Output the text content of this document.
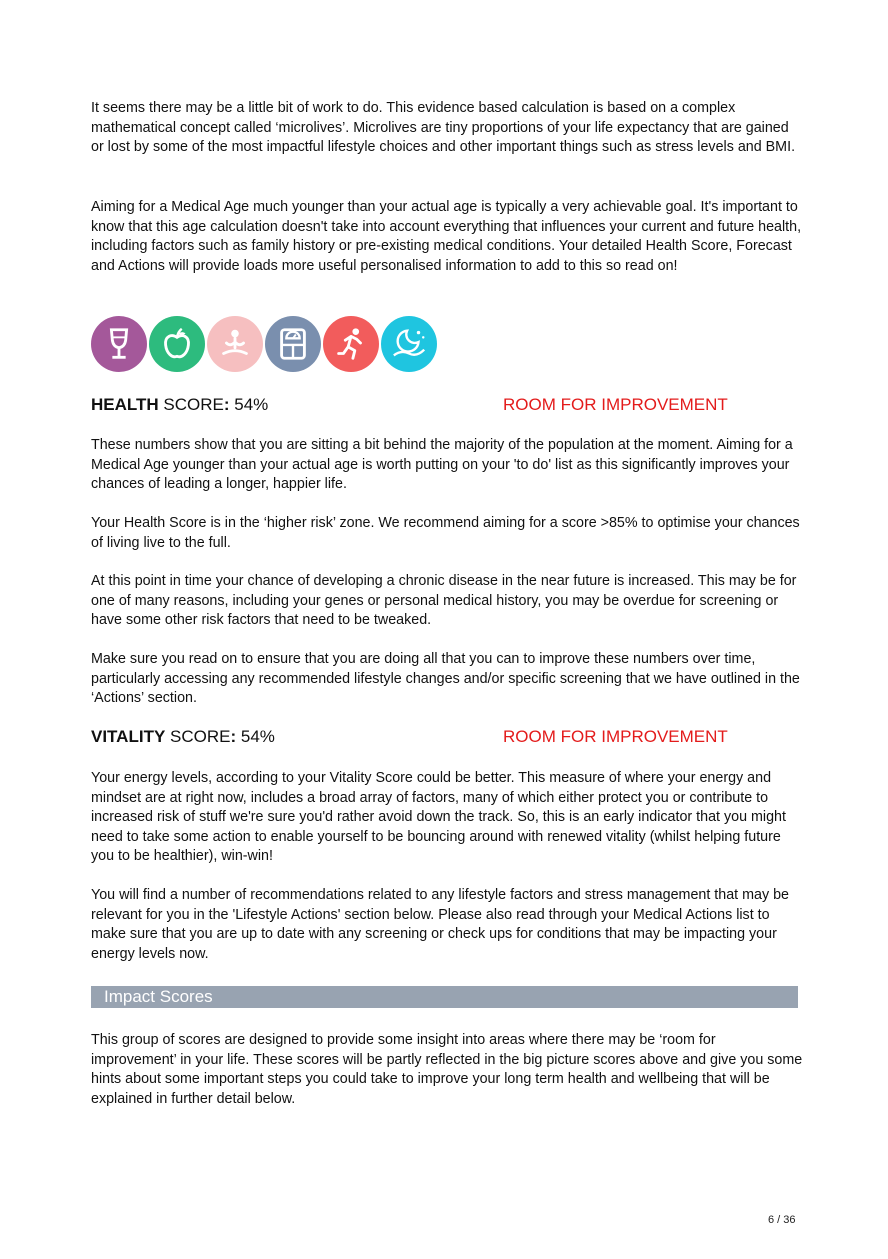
It seems there may be a little bit of work to do. This evidence based calculation is based on a complex mathematical concept called ‘microlives’. Microlives are tiny proportions of your life expectancy that are gained or lost by some of the most impactful lifestyle choices and other important things such as stress levels and BMI.

Aiming for a Medical Age much younger than your actual age is typically a very achievable goal. It's important to know that this age calculation doesn't take into account everything that influences your current and future health, including factors such as family history or pre-existing medical conditions. Your detailed Health Score, Forecast and Actions will provide loads more useful personalised information to add to this so read on!

HEALTH SCORE: 54%	ROOM FOR IMPROVEMENT

These numbers show that you are sitting a bit behind the majority of the population at the moment. Aiming for a Medical Age younger than your actual age is worth putting on your 'to do' list as this significantly improves your chances of leading a longer, happier life.

Your Health Score is in the ‘higher risk’ zone. We recommend aiming for a score >85% to optimise your chances of living live to the full.

At this point in time your chance of developing a chronic disease in the near future is increased. This may be for one of many reasons, including your genes or personal medical history, you may be overdue for screening or have some other risk factors that need to be tweaked.

Make sure you read on to ensure that you are doing all that you can to improve these numbers over time, particularly accessing any recommended lifestyle changes and/or specific screening that we have outlined in the ‘Actions’ section.

VITALITY SCORE: 54%	ROOM FOR IMPROVEMENT

Your energy levels, according to your Vitality Score could be better. This measure of where your energy and mindset are at right now, includes a broad array of factors, many of which either protect you or contribute to increased risk of stuff we're sure you'd rather avoid down the track. So, this is an early indicator that you might need to take some action to enable yourself to be bouncing around with renewed vitality (whilst helping future you to be healthier), win-win!

You will find a number of recommendations related to any lifestyle factors and stress management that may be relevant for you in the 'Lifestyle Actions' section below. Please also read through your Medical Actions list to make sure that you are up to date with any screening or check ups for conditions that may be impacting your energy levels now.

Impact Scores

This group of scores are designed to provide some insight into areas where there may be ‘room for improvement’ in your life. These scores will be partly reflected in the big picture scores above and give you some hints about some important steps you could take to improve your long term health and wellbeing that will be explained in further detail below.

6 / 36
